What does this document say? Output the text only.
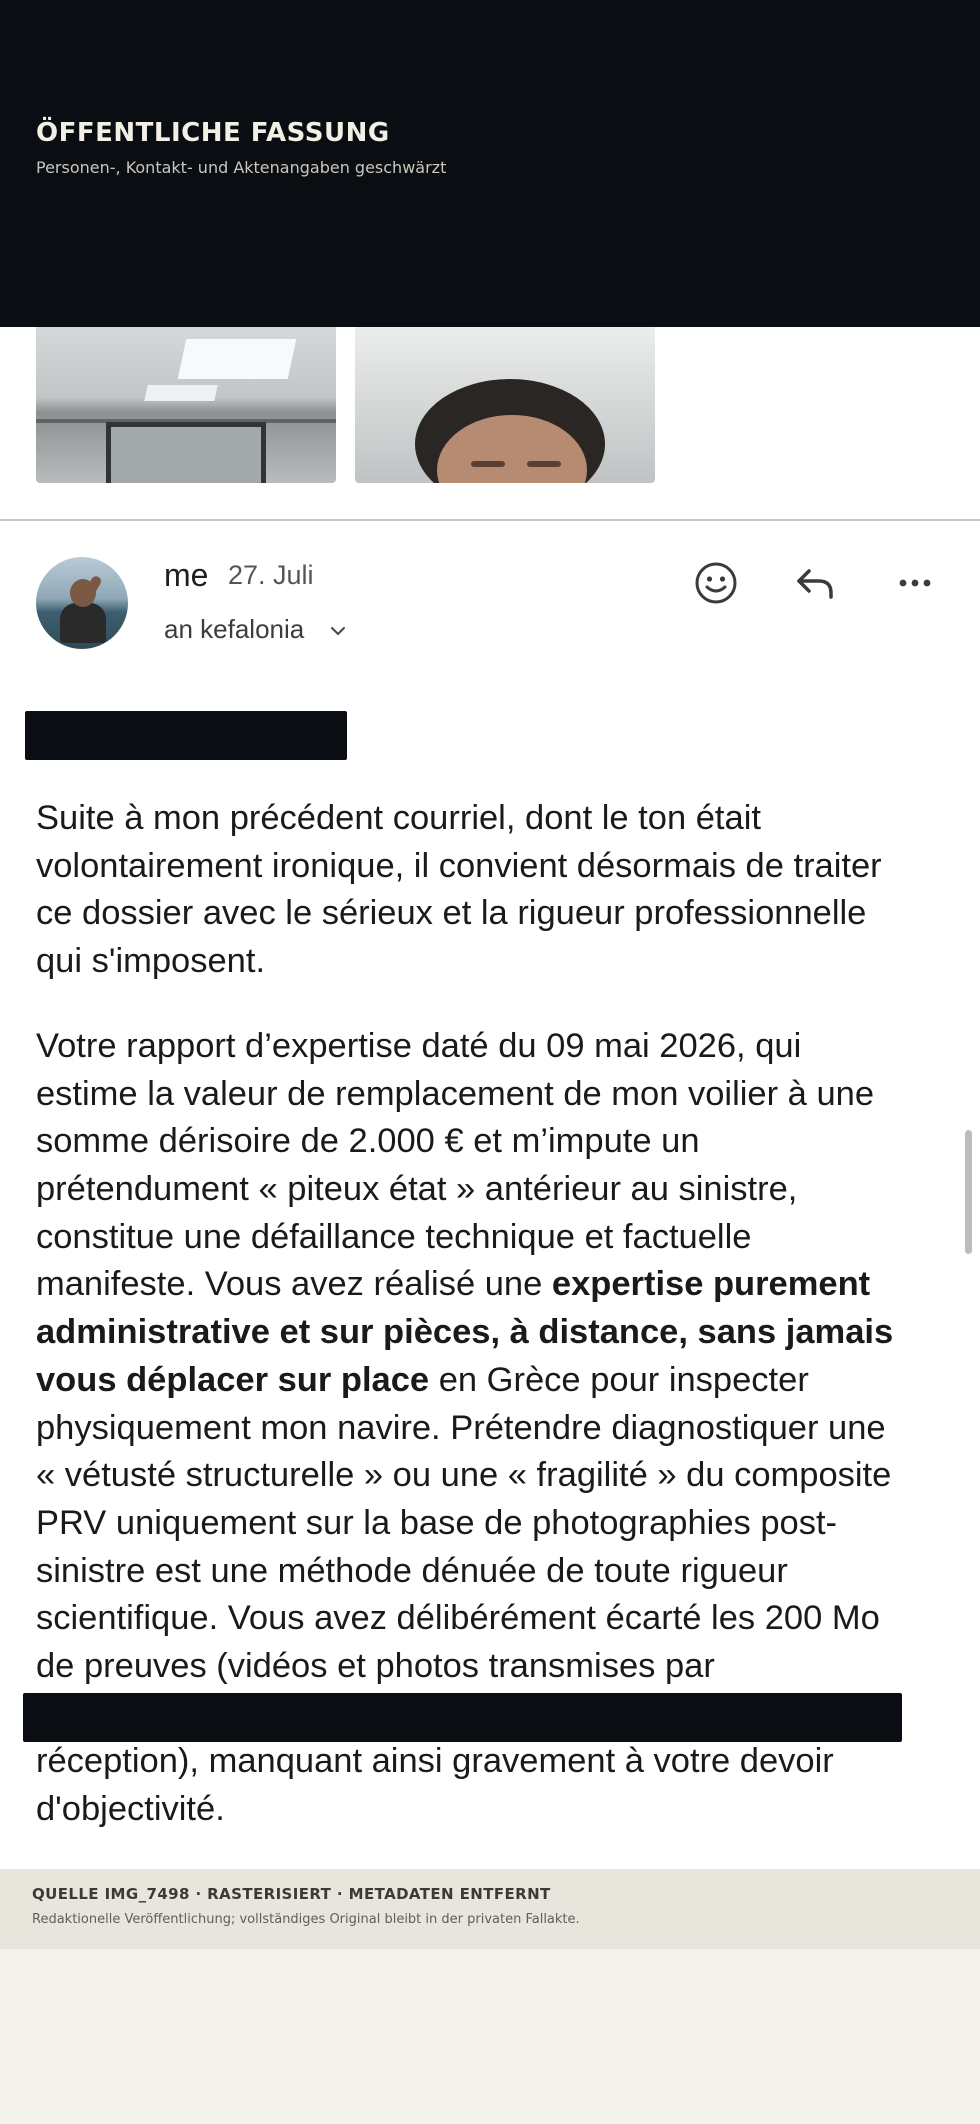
ÖFFENTLICHE FASSUNG
Personen-, Kontakt- und Aktenangaben geschwärzt
me 27. Juli
an kefalonia
Suite à mon précédent courriel, dont le ton était
volontairement ironique, il convient désormais de traiter
ce dossier avec le sérieux et la rigueur professionnelle
qui s'imposent.
Votre rapport d’expertise daté du 09 mai 2026, qui
estime la valeur de remplacement de mon voilier à une
somme dérisoire de 2.000 € et m’impute un
prétendument « piteux état » antérieur au sinistre,
constitue une défaillance technique et factuelle
manifeste. Vous avez réalisé une expertise purement
administrative et sur pièces, à distance, sans jamais
vous déplacer sur place en Grèce pour inspecter
physiquement mon navire. Prétendre diagnostiquer une
« vétusté structurelle » ou une « fragilité » du composite
PRV uniquement sur la base de photographies post-
sinistre est une méthode dénuée de toute rigueur
scientifique. Vous avez délibérément écarté les 200 Mo
de preuves (vidéos et photos transmises par
réception), manquant ainsi gravement à votre devoir
d'objectivité.
QUELLE IMG_7498 · RASTERISIERT · METADATEN ENTFERNT
Redaktionelle Veröffentlichung; vollständiges Original bleibt in der privaten Fallakte.
